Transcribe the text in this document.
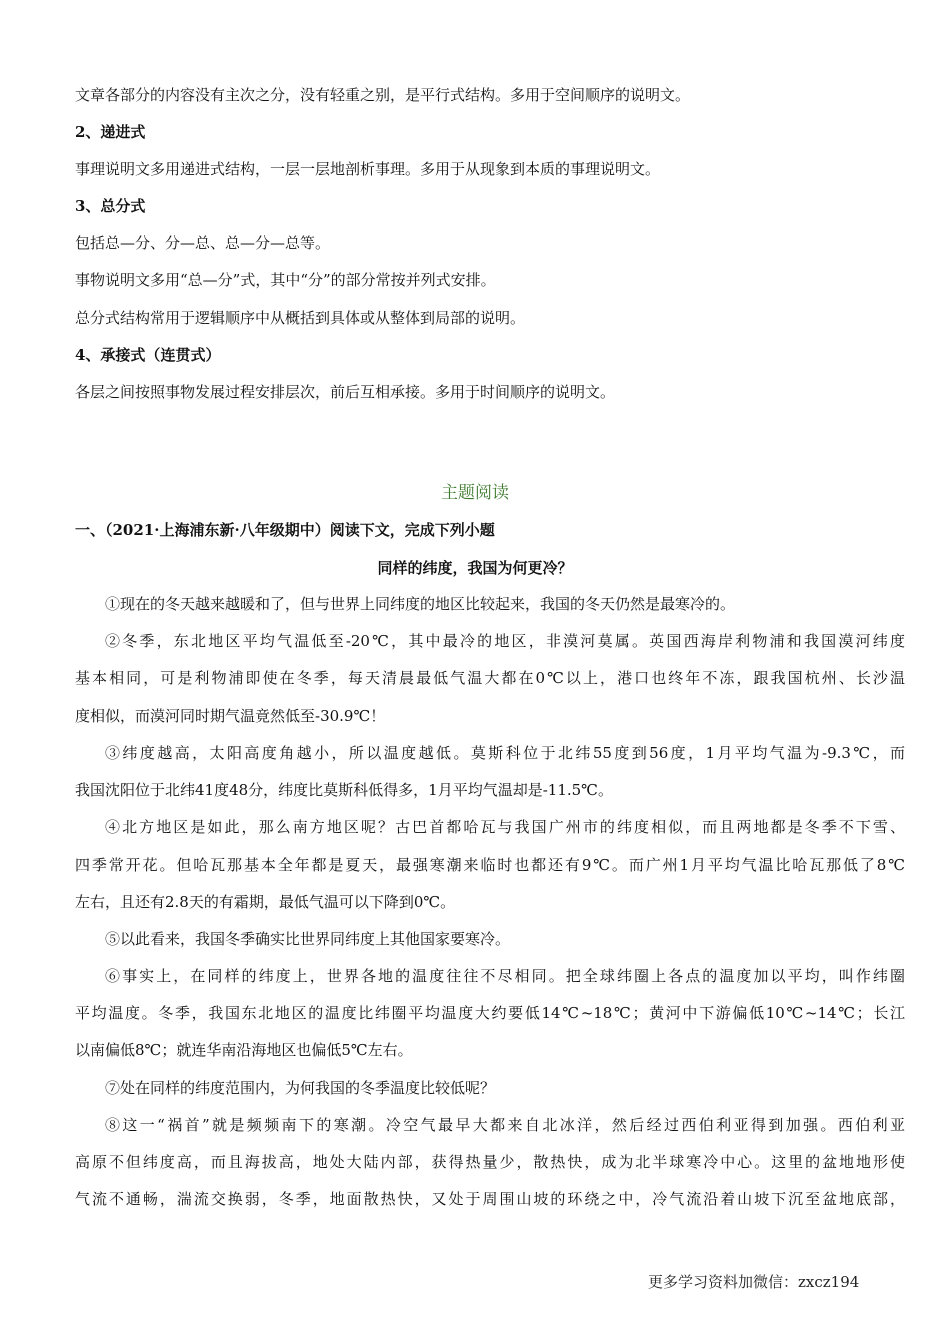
文章各部分的内容没有主次之分，没有轻重之别，是平行式结构。多用于空间顺序的说明文。
2、递进式
事理说明文多用递进式结构，一层一层地剖析事理。多用于从现象到本质的事理说明文。
3、总分式
包括总—分、分—总、总—分—总等。
事物说明文多用“总—分”式，其中“分”的部分常按并列式安排。
总分式结构常用于逻辑顺序中从概括到具体或从整体到局部的说明。
4、承接式（连贯式）
各层之间按照事物发展过程安排层次，前后互相承接。多用于时间顺序的说明文。
主题阅读
一、（2021·上海浦东新·八年级期中）阅读下文，完成下列小题
同样的纬度，我国为何更冷？
①现在的冬天越来越暖和了，但与世界上同纬度的地区比较起来，我国的冬天仍然是最寒冷的。
②冬季，东北地区平均气温低至-20℃，其中最冷的地区，非漠河莫属。英国西海岸利物浦和我国漠河纬度
基本相同，可是利物浦即使在冬季，每天清晨最低气温大都在0℃以上，港口也终年不冻，跟我国杭州、长沙温
度相似，而漠河同时期气温竟然低至-30.9℃！
③纬度越高，太阳高度角越小，所以温度越低。莫斯科位于北纬55度到56度，1月平均气温为-9.3℃，而
我国沈阳位于北纬41度48分，纬度比莫斯科低得多，1月平均气温却是-11.5℃。
④北方地区是如此，那么南方地区呢？古巴首都哈瓦与我国广州市的纬度相似，而且两地都是冬季不下雪、
四季常开花。但哈瓦那基本全年都是夏天，最强寒潮来临时也都还有9℃。而广州1月平均气温比哈瓦那低了8℃
左右，且还有2.8天的有霜期，最低气温可以下降到0℃。
⑤以此看来，我国冬季确实比世界同纬度上其他国家要寒冷。
⑥事实上，在同样的纬度上，世界各地的温度往往不尽相同。把全球纬圈上各点的温度加以平均，叫作纬圈
平均温度。冬季，我国东北地区的温度比纬圈平均温度大约要低14℃~18℃；黄河中下游偏低10℃~14℃；长江
以南偏低8℃；就连华南沿海地区也偏低5℃左右。
⑦处在同样的纬度范围内，为何我国的冬季温度比较低呢？
⑧这一“祸首”就是频频南下的寒潮。冷空气最早大都来自北冰洋，然后经过西伯利亚得到加强。西伯利亚
高原不但纬度高，而且海拔高，地处大陆内部，获得热量少，散热快，成为北半球寒冷中心。这里的盆地地形使
气流不通畅，湍流交换弱，冬季，地面散热快，又处于周围山坡的环绕之中，冷气流沿着山坡下沉至盆地底部，
更多学习资料加微信：zxcz194
